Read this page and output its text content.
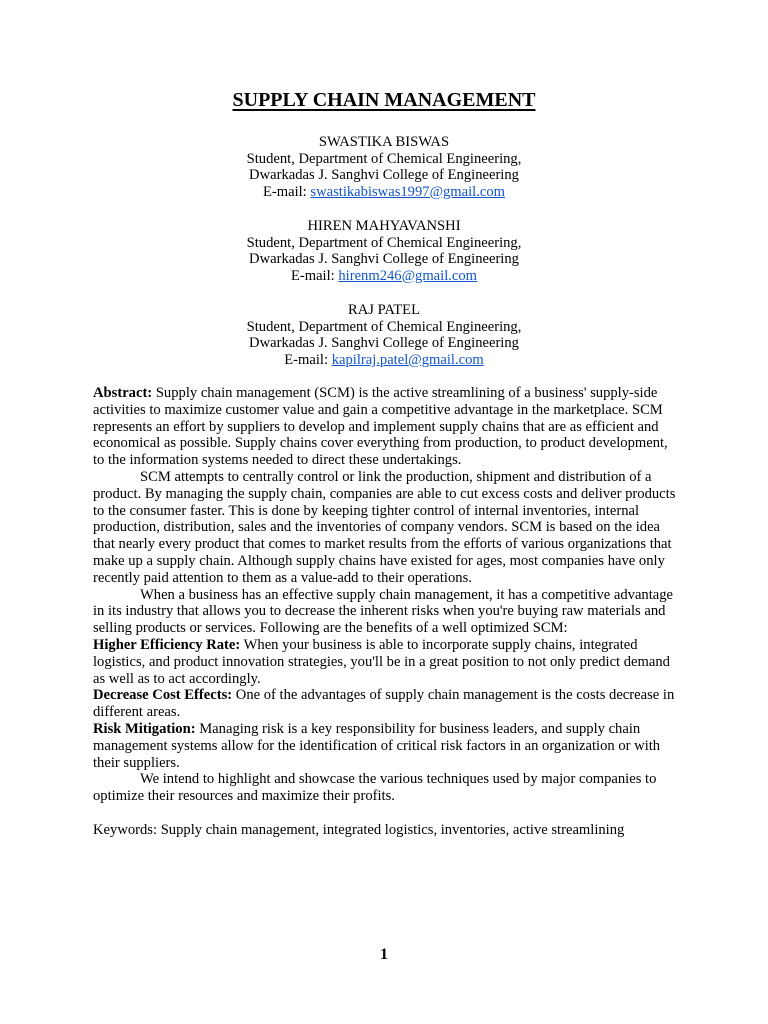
SUPPLY CHAIN MANAGEMENT
SWASTIKA BISWAS
Student, Department of Chemical Engineering,
Dwarkadas J. Sanghvi College of Engineering
E-mail: swastikabiswas1997@gmail.com
HIREN MAHYAVANSHI
Student, Department of Chemical Engineering,
Dwarkadas J. Sanghvi College of Engineering
E-mail: hirenm246@gmail.com
RAJ PATEL
Student, Department of Chemical Engineering,
Dwarkadas J. Sanghvi College of Engineering
E-mail: kapilraj.patel@gmail.com

Abstract: Supply chain management (SCM) is the active streamlining of a business' supply-side activities to maximize customer value and gain a competitive advantage in the marketplace. SCM represents an effort by suppliers to develop and implement supply chains that are as efficient and economical as possible. Supply chains cover everything from production, to product development, to the information systems needed to direct these undertakings.

SCM attempts to centrally control or link the production, shipment and distribution of a product. By managing the supply chain, companies are able to cut excess costs and deliver products to the consumer faster. This is done by keeping tighter control of internal inventories, internal production, distribution, sales and the inventories of company vendors. SCM is based on the idea that nearly every product that comes to market results from the efforts of various organizations that make up a supply chain. Although supply chains have existed for ages, most companies have only recently paid attention to them as a value-add to their operations.

When a business has an effective supply chain management, it has a competitive advantage in its industry that allows you to decrease the inherent risks when you're buying raw materials and selling products or services. Following are the benefits of a well optimized SCM:

Higher Efficiency Rate: When your business is able to incorporate supply chains, integrated logistics, and product innovation strategies, you'll be in a great position to not only predict demand as well as to act accordingly.

Decrease Cost Effects: One of the advantages of supply chain management is the costs decrease in different areas.

Risk Mitigation: Managing risk is a key responsibility for business leaders, and supply chain management systems allow for the identification of critical risk factors in an organization or with their suppliers.

We intend to highlight and showcase the various techniques used by major companies to optimize their resources and maximize their profits.

Keywords: Supply chain management, integrated logistics, inventories, active streamlining

1
